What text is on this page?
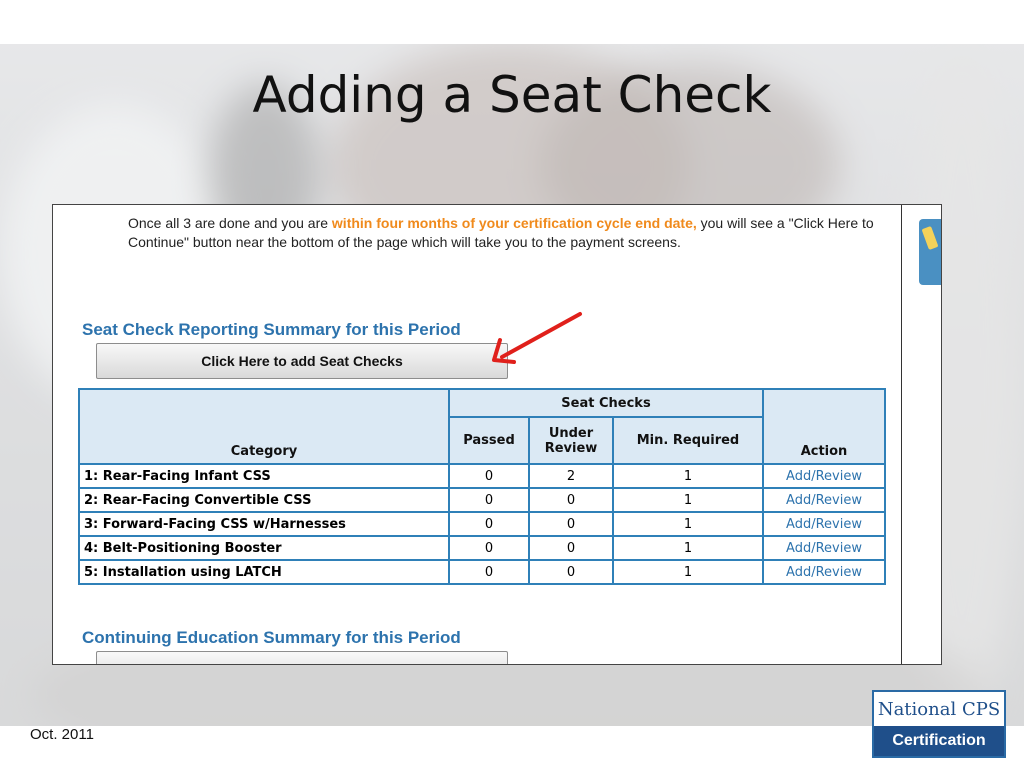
Adding a Seat Check
Once all 3 are done and you are within four months of your certification cycle end date, you will see a "Click Here to Continue" button near the bottom of the page which will take you to the payment screens.
Seat Check Reporting Summary for this Period
Click Here to add Seat Checks
Category	Seat Checks			Action
	Passed	Under Review	Min. Required	
1: Rear-Facing Infant CSS	0	2	1	Add/Review
2: Rear-Facing Convertible CSS	0	0	1	Add/Review
3: Forward-Facing CSS w/Harnesses	0	0	1	Add/Review
4: Belt-Positioning Booster	0	0	1	Add/Review
5: Installation using LATCH	0	0	1	Add/Review
Continuing Education Summary for this Period
Oct. 2011
National CPS
Certification
